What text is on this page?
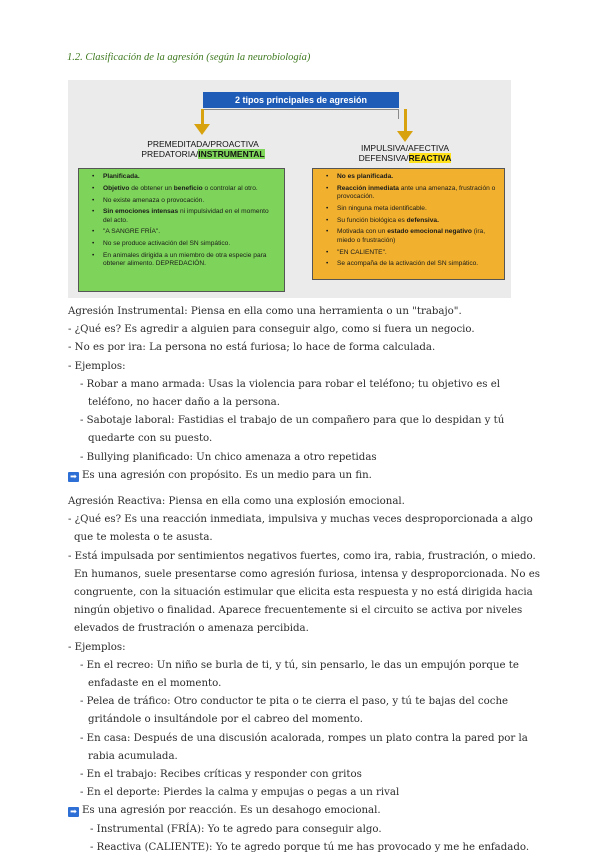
1.2. Clasificación de la agresión (según la neurobiología)
2 tipos principales de agresión
PREMEDITADA/PROACTIVA
PREDATORIA/INSTRUMENTAL
IMPULSIVA/AFECTIVA
DEFENSIVA/REACTIVA
• Planificada.
• Objetivo de obtener un beneficio o controlar al otro.
• No existe amenaza o provocación.
• Sin emociones intensas ni impulsividad en el momento del acto.
• "A SANGRE FRÍA".
• No se produce activación del SN simpático.
• En animales dirigida a un miembro de otra especie para obtener alimento. DEPREDACIÓN.
• No es planificada.
• Reacción inmediata ante una amenaza, frustración o provocación.
• Sin ninguna meta identificable.
• Su función biológica es defensiva.
• Motivada con un estado emocional negativo (ira, miedo o frustración)
• "EN CALIENTE".
• Se acompaña de la activación del SN simpático.

Agresión Instrumental: Piensa en ella como una herramienta o un "trabajo".

- ¿Qué es? Es agredir a alguien para conseguir algo, como si fuera un negocio.

- No es por ira: La persona no está furiosa; lo hace de forma calculada.

- Ejemplos:

- Robar a mano armada: Usas la violencia para robar el teléfono; tu objetivo es el teléfono, no hacer daño a la persona.

- Sabotaje laboral: Fastidias el trabajo de un compañero para que lo despidan y tú quedarte con su puesto.

- Bullying planificado: Un chico amenaza a otro repetidas

➡ Es una agresión con propósito. Es un medio para un fin.

Agresión Reactiva: Piensa en ella como una explosión emocional.

- ¿Qué es? Es una reacción inmediata, impulsiva y muchas veces desproporcionada a algo que te molesta o te asusta.

- Está impulsada por sentimientos negativos fuertes, como ira, rabia, frustración, o miedo. En humanos, suele presentarse como agresión furiosa, intensa y desproporcionada. No es congruente, con la situación estimular que elicita esta respuesta y no está dirigida hacia ningún objetivo o finalidad. Aparece frecuentemente si el circuito se activa por niveles elevados de frustración o amenaza percibida.

- Ejemplos:

- En el recreo: Un niño se burla de ti, y tú, sin pensarlo, le das un empujón porque te enfadaste en el momento.

- Pelea de tráfico: Otro conductor te pita o te cierra el paso, y tú te bajas del coche gritándole o insultándole por el cabreo del momento.

- En casa: Después de una discusión acalorada, rompes un plato contra la pared por la rabia acumulada.

- En el trabajo: Recibes críticas y responder con gritos

- En el deporte: Pierdes la calma y empujas o pegas a un rival

➡ Es una agresión por reacción. Es un desahogo emocional.

- Instrumental (FRÍA): Yo te agredo para conseguir algo.

- Reactiva (CALIENTE): Yo te agredo porque tú me has provocado y me he enfadado.
